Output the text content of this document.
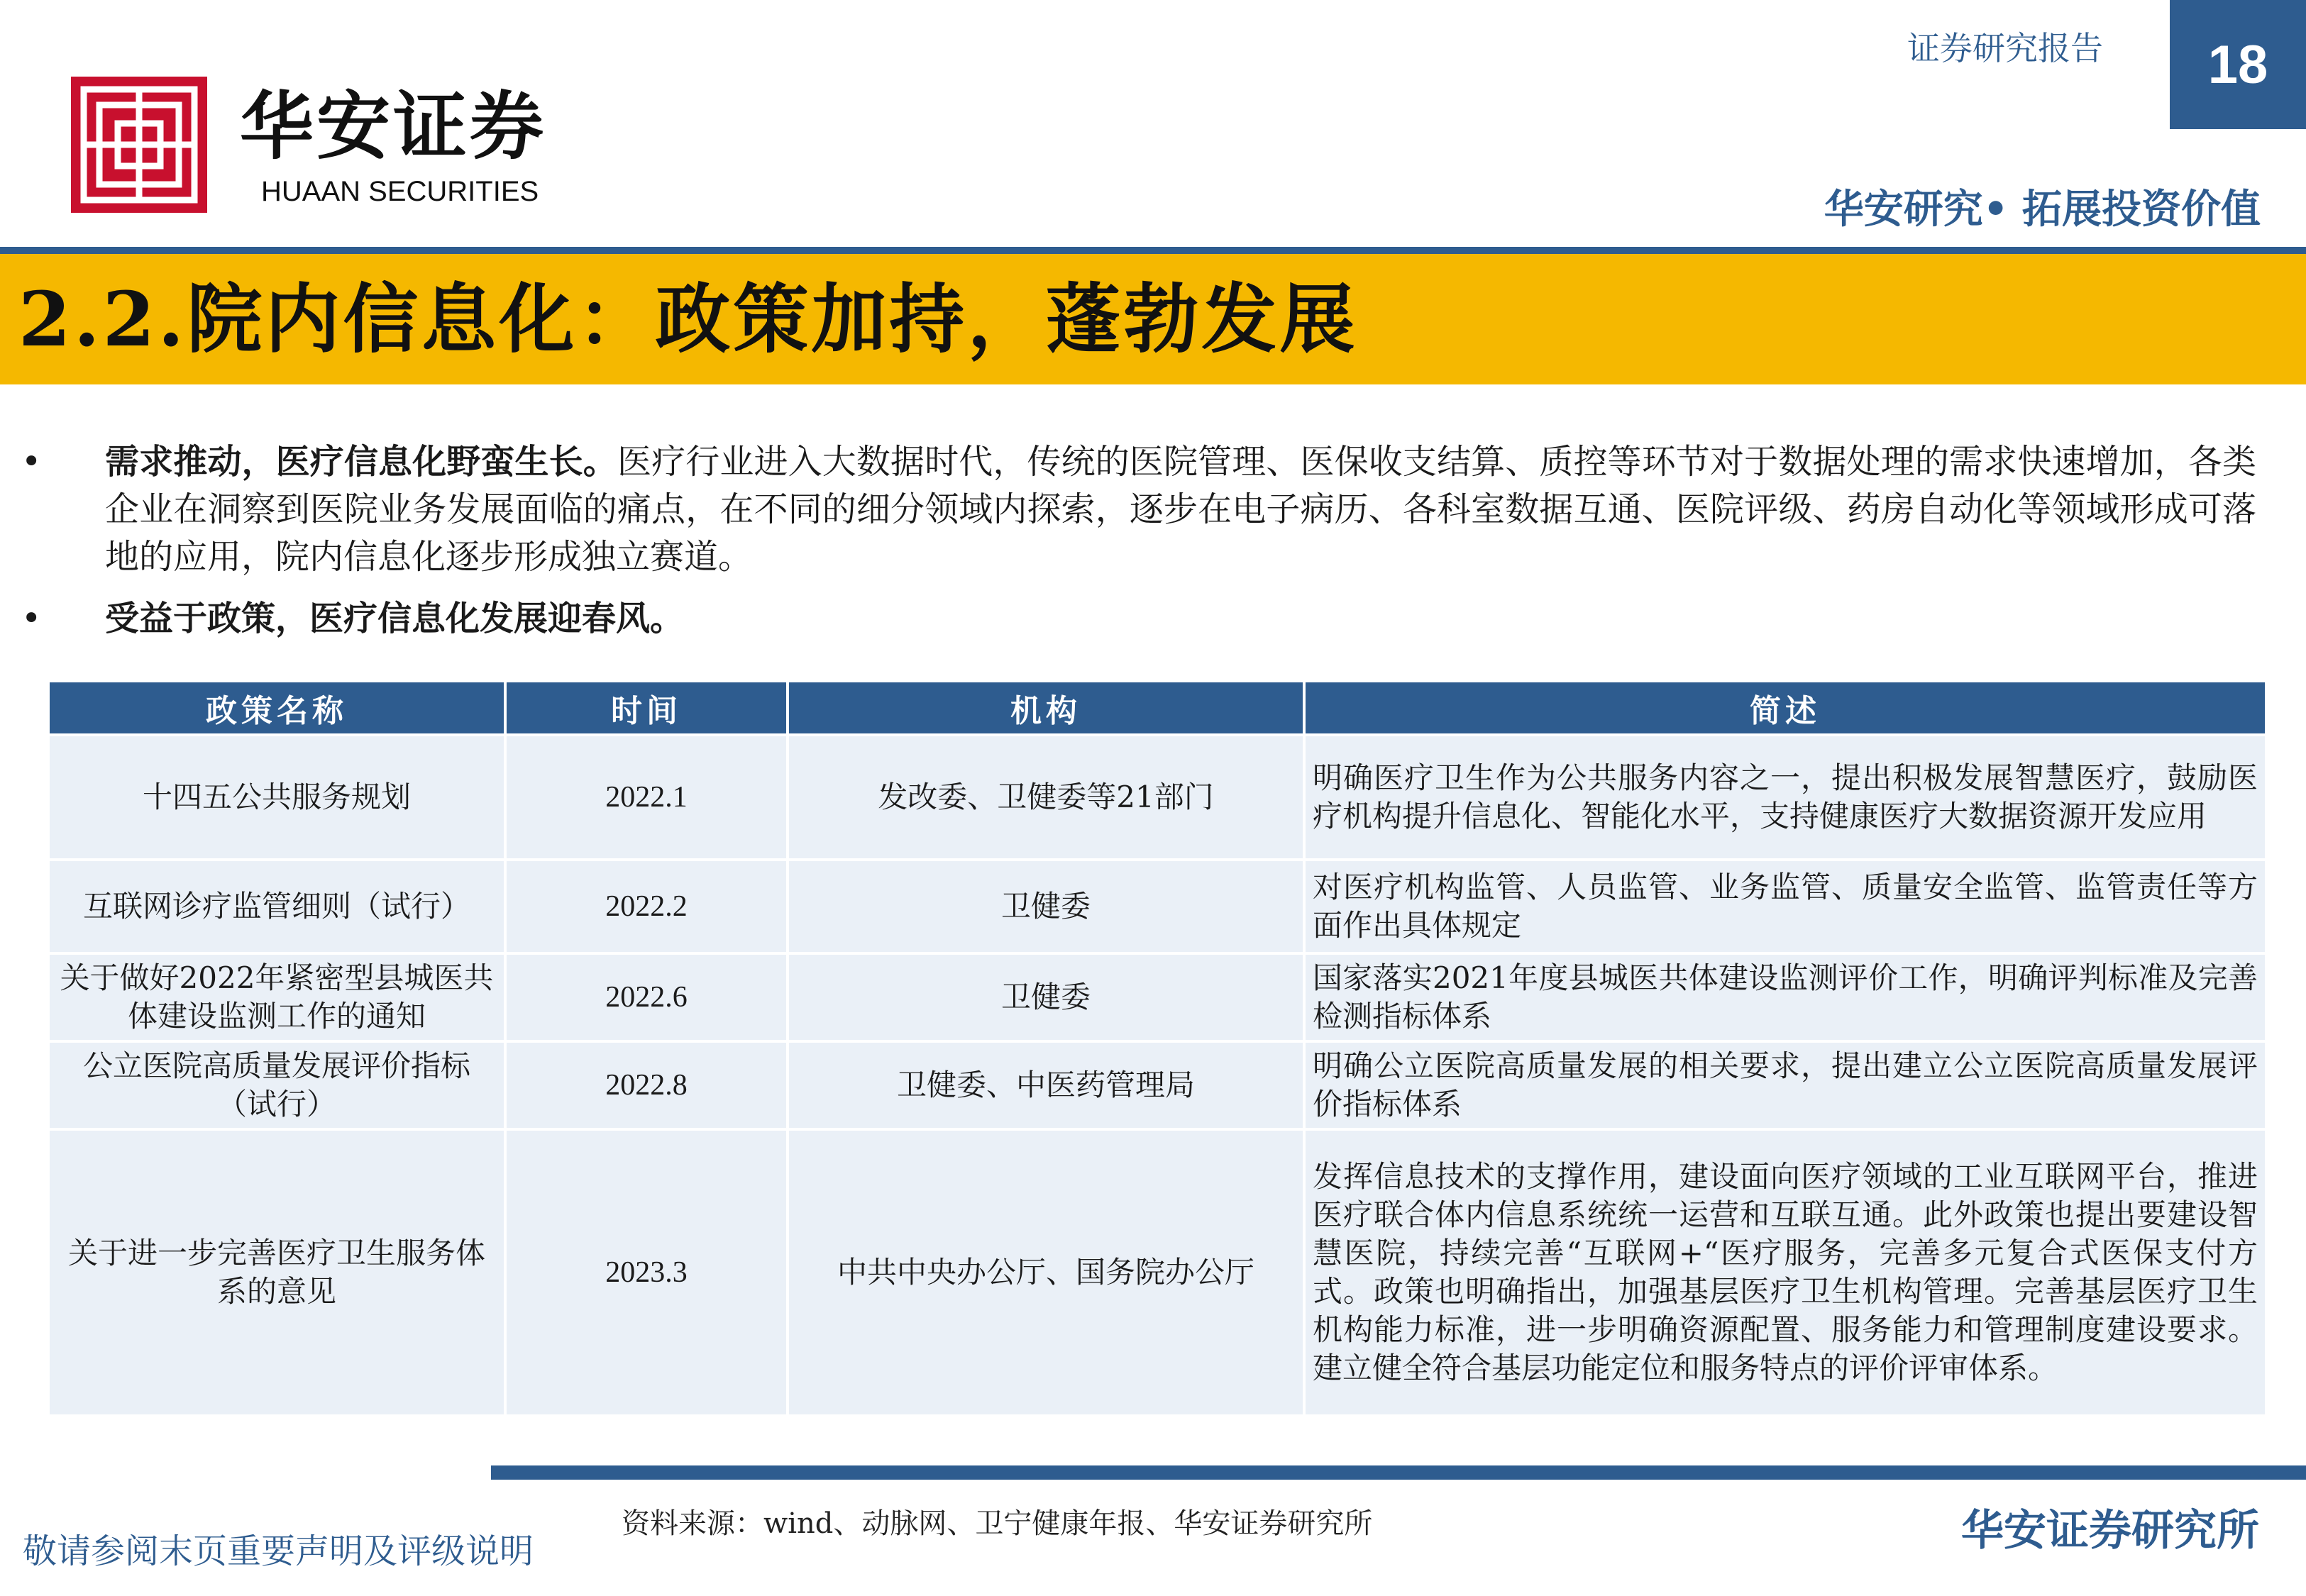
华安证券
HUAAN SECURITIES
证券研究报告	18
华安研究• 拓展投资价值
2.2.院内信息化：政策加持，蓬勃发展
• 需求推动，医疗信息化野蛮生长。医疗行业进入大数据时代，传统的医院管理、医保收支结算、质控等环节对于数据处理的需求快速增加，各类企业在洞察到医院业务发展面临的痛点，在不同的细分领域内探索，逐步在电子病历、各科室数据互通、医院评级、药房自动化等领域形成可落地的应用，院内信息化逐步形成独立赛道。
• 受益于政策，医疗信息化发展迎春风。
政策名称	时间	机构	简述
十四五公共服务规划	2022.1	发改委、卫健委等21部门	明确医疗卫生作为公共服务内容之一，提出积极发展智慧医疗，鼓励医疗机构提升信息化、智能化水平，支持健康医疗大数据资源开发应用
互联网诊疗监管细则（试行）	2022.2	卫健委	对医疗机构监管、人员监管、业务监管、质量安全监管、监管责任等方面作出具体规定
关于做好2022年紧密型县城医共体建设监测工作的通知	2022.6	卫健委	国家落实2021年度县城医共体建设监测评价工作，明确评判标准及完善检测指标体系
公立医院高质量发展评价指标（试行）	2022.8	卫健委、中医药管理局	明确公立医院高质量发展的相关要求，提出建立公立医院高质量发展评价指标体系
关于进一步完善医疗卫生服务体系的意见	2023.3	中共中央办公厅、国务院办公厅	发挥信息技术的支撑作用，建设面向医疗领域的工业互联网平台，推进医疗联合体内信息系统统一运营和互联互通。此外政策也提出要建设智慧医院，持续完善“互联网+“医疗服务，完善多元复合式医保支付方式。政策也明确指出，加强基层医疗卫生机构管理。完善基层医疗卫生机构能力标准，进一步明确资源配置、服务能力和管理制度建设要求。建立健全符合基层功能定位和服务特点的评价评审体系。
资料来源：wind、动脉网、卫宁健康年报、华安证券研究所
敬请参阅末页重要声明及评级说明	华安证券研究所
